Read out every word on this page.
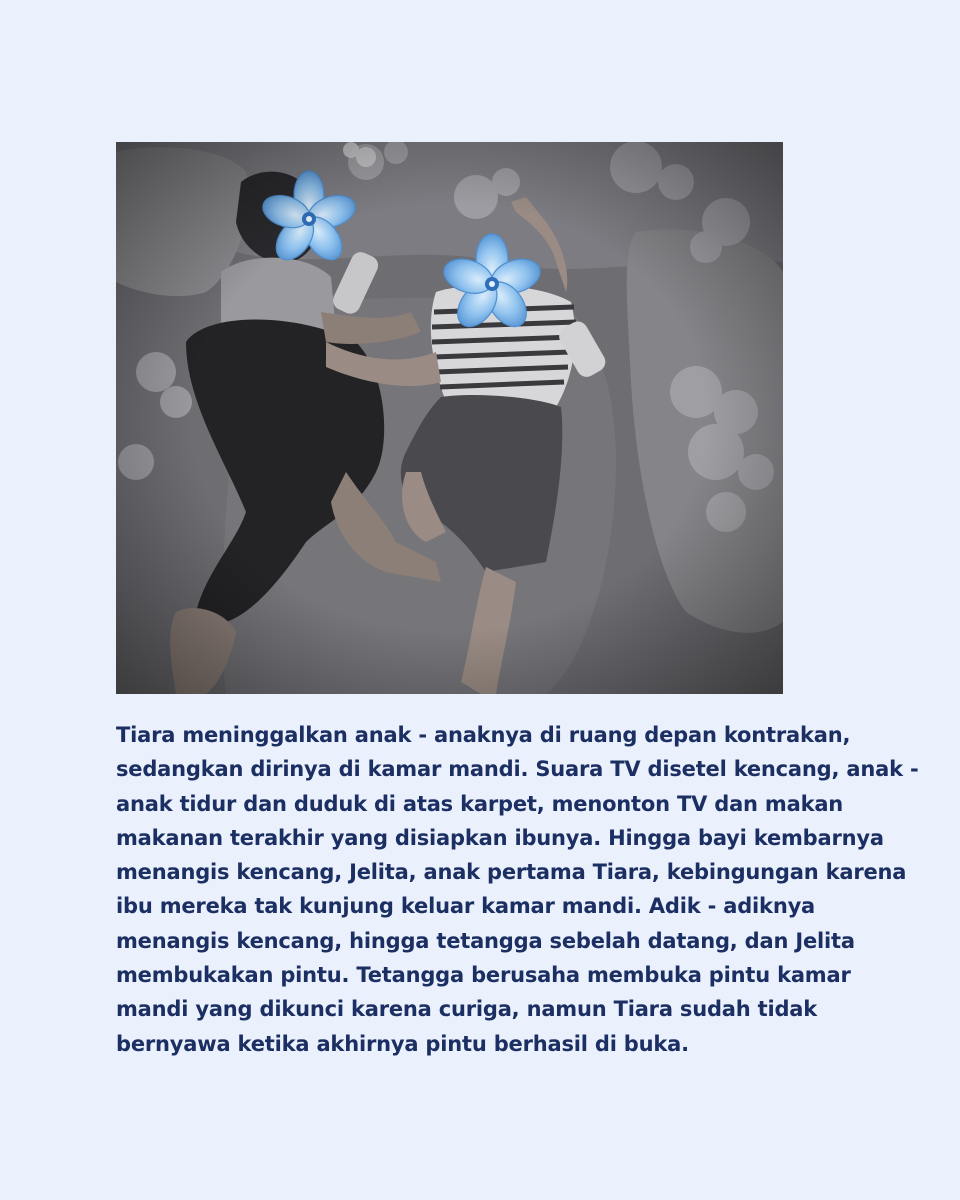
Tiara meninggalkan anak - anaknya di ruang depan kontrakan,
sedangkan dirinya di kamar mandi. Suara TV disetel kencang, anak -
anak tidur dan duduk di atas karpet, menonton TV dan makan
makanan terakhir yang disiapkan ibunya. Hingga bayi kembarnya
menangis kencang, Jelita, anak pertama Tiara, kebingungan karena
ibu mereka tak kunjung keluar kamar mandi. Adik - adiknya
menangis kencang, hingga tetangga sebelah datang, dan Jelita
membukakan pintu. Tetangga berusaha membuka pintu kamar
mandi yang dikunci karena curiga, namun Tiara sudah tidak
bernyawa ketika akhirnya pintu berhasil di buka.
